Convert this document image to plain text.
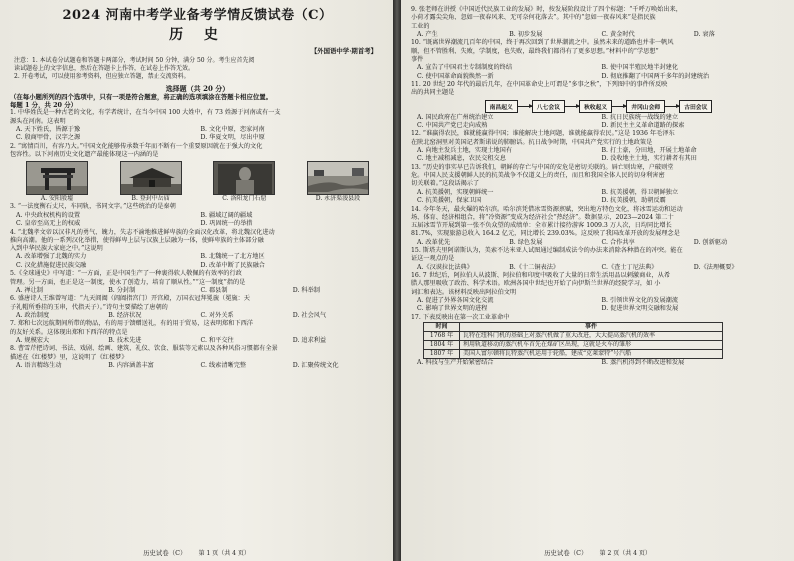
2024 河南中考学业备考学情反馈试卷（C）
历 史
【外国语中学·期首考】
注意：1. 本试卷分试题卷和答题卡两部分，考试时间 50 分钟，满分 50 分。考生应首先阅
读试题卷上的文字信息，然后在答题卡上作答，在试卷上作答无效。
2. 开卷考试，可以使用参考资料，但应独立答题，禁止交流资料。
选择题（共 20 分）
（在每小题所列的四个选项中，只有一项是符合题意，将正确的选项填涂在答题卡相应位置。
每题 1 分，共 20 分）
1. 中华姓氏是一种古老的文化，有学者统计，在当今中国 100 大姓中，有 73 姓源于河南或有一支
源头在河南。这表明
A. 天下姓氏，皆源于豫	B. 文化中原，恋家河南
C. 殷商甲骨，汉字之源	D. 华夏文明，尽出中原
2. “寓情百川，有容乃大。”中国文化能够传承数千年而不断有一个重要原因就在于强大的文化
包容性。以下河南历史文化遗产最能体现这一内涵的是
A. 安阳殷墟	B. 登封中岳庙	C. 洛阳龙门石窟	D. 永济渠浚县段
3. “一法度衡石丈尺，车同轨，书同文字。”这些统治的是秦朝
A. 中央政权机构的设置	B. 疆域辽阔的疆域
C. 皇帝至高无上的权威	D. 巩固统一的举措
4. “北魏孝文帝以汉非凡的勇气、魄力，失志不渝地推进鲜卑族的全面汉化改革，将北魏汉化进动
推向高潮。他的一系列汉化举措，使得鲜卑上层与汉族上层融为一体，使鲜卑族的主体部分融
入到中华民族大家庭之中。”这说明
A. 改革增强了北魏的实力	B. 北魏统一了北方地区
C. 汉化措施促进民族交融	D. 改革中断了民族融合
5.《全球通史》中写道：“一方面，正是中国生产了一种裹得软人敬佩的有效率的行政
管理。另一方面，也正是这一制度，使永了创造力，培育了顺从性。”“这一制度”指的是
A. 禅让制	B. 分封制	C. 郡县制	D. 科举制
6. 盛唐诗人王维曾写道：“九天阊阖（阊阖指宫门）开宫殿，万国衣冠拜冕旒（冕旒：天
子礼帽所垂挂的玉串，代指天子）。”诗句主要描绘了唐朝的
A. 政治制度	B. 经济状况	C. 对外关系	D. 社会风气
7. 郑和七次远航期间所带的物品，有的用于馈赠送礼，有的用于贸易，这表明郑和下西洋
的友好关系。这体现出郑和下西洋的特点是
A. 规模宏大	B. 技术先进	C. 和平交往	D. 追求利益
8. 曹雪芹把诗词、书法、戏剧、绘画、建筑、礼仪、饮食、服装等元素以及各种风俗习惯都有全景
描述在《红楼梦》里，这说明了《红楼梦》
A. 语言精练生动	B. 内容涵盖丰富	C. 线索清晰完整	D. 汇聚传统文化
历史试卷（C） 第 1 页（共 4 页）
9. 张老师在讲授《中国近代民族工业的发展》时，按发展阶段设计了四个标题：“千呼万唤始出来，
小荷才露尖尖角、忽如一夜春风来、无可奈何花落去”。其中的“忽如一夜春风来”是指民族
工业的
A. 产生	B. 初步发展	C. 黄金时代	D. 衰落
10. “既离世界潮流几百年的中国，终于再次回到了世界潮流之中。虽然未来的道路也并非一帆风
顺，但不管胜利、失败，学制度，也失败，最终我们都得有了更多思想。”材料中的“学思想”
事件
A. 宣告了中国君主专制制度的终结	B. 使中国半殖民地半封建化
C. 使中国革命面貌焕然一新	D. 彻底推翻了中国两千多年的封建统治
11. 20 世纪 20 年代的最后几年，在中国革命史上可谓是“多事之秋”，下列图中的事件所反映
出的共同主题是
南昌起义	八七会议	秋收起义	井冈山会师	古田会议
A. 国民政府在广州统治建立	B. 抗日民族统一战线的建立
C. 中国共产党已走向成熟	D. 新民主主义革命道路的探索
12. “谁赢得农民，谁就能赢得中国；谁能解决土地问题，谁就能赢得农民。”这是 1936 年毛泽东
在陕北窑洞里对美国记者斯诺说的肺腑话。抗日战争时期，中国共产党实行的土地政策是
A. 向地主发兵土地，实现土地国有	B. 打土豪，分田地，开展土地革命
C. 地主减租减息，农民交租交息	D. 没收地主土地，实行耕者有其田
13. “历史的事实早已告诉我们，朝鲜的存亡与中国的安危是密切关联的。唇亡则齿寒，户破则堂
危。中国人民支援朝鲜人民的抗美战争不仅道义上的责任，而且和我国全体人民的切身利害密
切关联着。”这段话揭示了
A. 抗美援朝，实现朝鲜统一	B. 抗美援朝，得卫朝鲜独立
C. 抗美援朝，保家卫国	D. 抗美援朝，助朝反霸
14. 今年冬天，最火爆的哈尔滨。哈尔滨凭借冰雪资源禀赋，突出地方特色文化，将冰雪运动和运动
场、体育、经济相组合，将“冷资源”变成为经济社会“热经济”。数据显示，2023—2024 第二十
五届冰雪节开展到第一张不负众望的成绩单：全市累计接待游客 1009.3 万人次，日均同比增长
81.7%，实现旅游总收入 164.2 亿元，同比增长 239.03%。这反映了我国改革开放的发展理念是
A. 改革优先	B. 绿色发展	C. 合作共享	D. 创新驱动
15. 斯塔夫里阿诺斯认为，美索不达米亚人试图通过编制成法令的办法来消除各种潜在的冲突。能在
证这一观点的是
A.《汉谟拉比法典》	B.《十二铜表法》	C.《查士丁尼法典》	D.《法理概要》
16. 7 世纪后，阿拉伯人从波斯、阿拉伯和印度中吸收了大量的日常生活用品以刺激商业，从希
腊人那里吸收了政治、科学术语。欧洲各国中世纪也开始了向伊斯兰世界的经院学习，如 小
词汇和表达。该材料反映出阿拉伯文明
A. 促进了外界各国文化交流	B. 引领世界文化的发展潮流
C. 影响了世界文明的进程	D. 促进世界文明交融和发展
17. 下表反映出在第一次工业革命中
时间	事件
1768 年	瓦特在纽科门机的基础上对蒸汽机做了重大改进，大大提高蒸汽机的效率
1804 年	利用轨道移动的蒸汽机车首先在煤矿区出现，这就是火车的雏形
1807 年	美国人富尔顿将瓦特蒸汽机运用于轮船，建成“克莱蒙特”号汽船
A. 科技与生产开始紧密结合	B. 蒸汽机得到不断改进和发展
历史试卷（C） 第 2 页（共 4 页）
